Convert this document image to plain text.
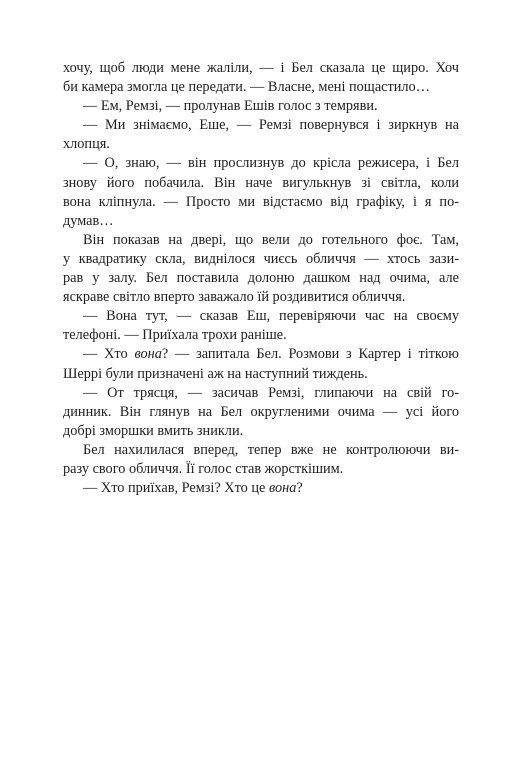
хочу, щоб люди мене жаліли, — і Бел сказала це щиро. Хоч
би камера змогла це передати. — Власне, мені пощастило…
— Ем, Ремзі, — пролунав Ешів голос з темряви.
— Ми знімаємо, Еше, — Ремзі повернувся і зиркнув на
хлопця.
— О, знаю, — він прослизнув до крісла режисера, і Бел
знову його побачила. Він наче вигулькнув зі світла, коли
вона кліпнула. — Просто ми відстаємо від графіку, і я по-
думав…
Він показав на двері, що вели до готельного фоє. Там,
у квадратику скла, виднілося чиєсь обличчя — хтось зази-
рав у залу. Бел поставила долоню дашком над очима, але
яскраве світло вперто заважало їй роздивитися обличчя.
— Вона тут, — сказав Еш, перевіряючи час на своєму
телефоні. — Приїхала трохи раніше.
— Хто вона? — запитала Бел. Розмови з Картер і тіткою
Шеррі були призначені аж на наступний тиждень.
— От трясця, — засичав Ремзі, глипаючи на свій го-
динник. Він глянув на Бел округленими очима — усі його
добрі зморшки вмить зникли.
Бел нахилилася вперед, тепер вже не контролюючи ви-
разу свого обличчя. Її голос став жорсткішим.
— Хто приїхав, Ремзі? Хто це вона?
